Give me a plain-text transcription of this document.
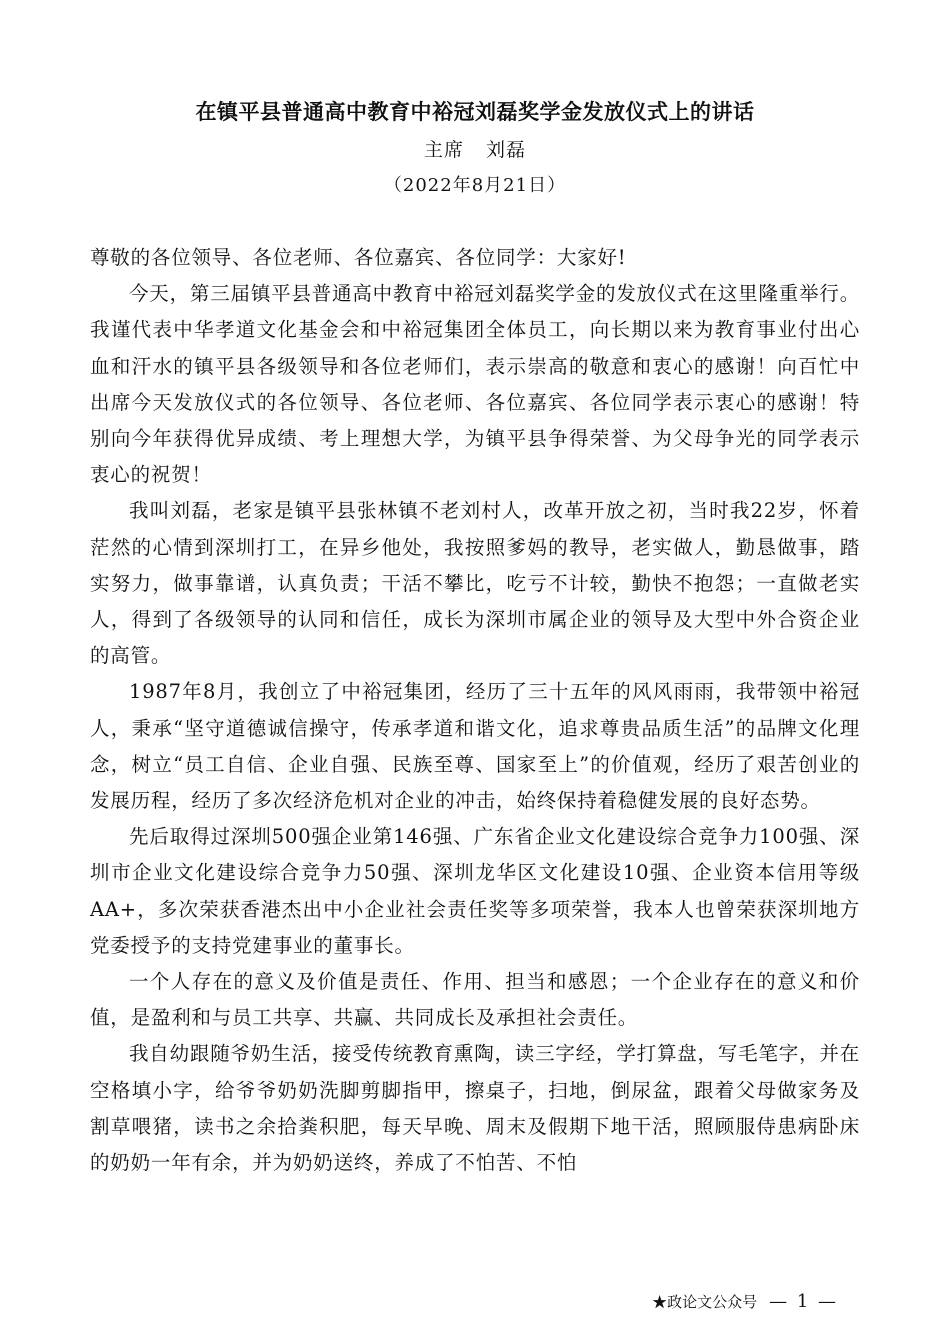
在镇平县普通高中教育中裕冠刘磊奖学金发放仪式上的讲话
主席 刘磊
（2022年8月21日）

尊敬的各位领导、各位老师、各位嘉宾、各位同学：大家好!

今天，第三届镇平县普通高中教育中裕冠刘磊奖学金的发放仪式在这里隆重举行。我谨代表中华孝道文化基金会和中裕冠集团全体员工，向长期以来为教育事业付出心血和汗水的镇平县各级领导和各位老师们，表示崇高的敬意和衷心的感谢！向百忙中出席今天发放仪式的各位领导、各位老师、各位嘉宾、各位同学表示衷心的感谢！特别向今年获得优异成绩、考上理想大学，为镇平县争得荣誉、为父母争光的同学表示衷心的祝贺！

我叫刘磊，老家是镇平县张林镇不老刘村人，改革开放之初，当时我22岁，怀着茫然的心情到深圳打工，在异乡他处，我按照爹妈的教导，老实做人，勤恳做事，踏实努力，做事靠谱，认真负责；干活不攀比，吃亏不计较，勤快不抱怨；一直做老实人，得到了各级领导的认同和信任，成长为深圳市属企业的领导及大型中外合资企业的高管。

1987年8月，我创立了中裕冠集团，经历了三十五年的风风雨雨，我带领中裕冠人，秉承“坚守道德诚信操守，传承孝道和谐文化，追求尊贵品质生活”的品牌文化理念，树立“员工自信、企业自强、民族至尊、国家至上”的价值观，经历了艰苦创业的发展历程，经历了多次经济危机对企业的冲击，始终保持着稳健发展的良好态势。

先后取得过深圳500强企业第146强、广东省企业文化建设综合竞争力100强、深圳市企业文化建设综合竞争力50强、深圳龙华区文化建设10强、企业资本信用等级AA+，多次荣获香港杰出中小企业社会责任奖等多项荣誉，我本人也曾荣获深圳地方党委授予的支持党建事业的董事长。

一个人存在的意义及价值是责任、作用、担当和感恩；一个企业存在的意义和价值，是盈利和与员工共享、共赢、共同成长及承担社会责任。

我自幼跟随爷奶生活，接受传统教育熏陶，读三字经，学打算盘，写毛笔字，并在空格填小字，给爷爷奶奶洗脚剪脚指甲，擦桌子，扫地，倒尿盆，跟着父母做家务及割草喂猪，读书之余拾粪积肥，每天早晚、周末及假期下地干活，照顾服侍患病卧床的奶奶一年有余，并为奶奶送终，养成了不怕苦、不怕

★政论文公众号 — 1 —
